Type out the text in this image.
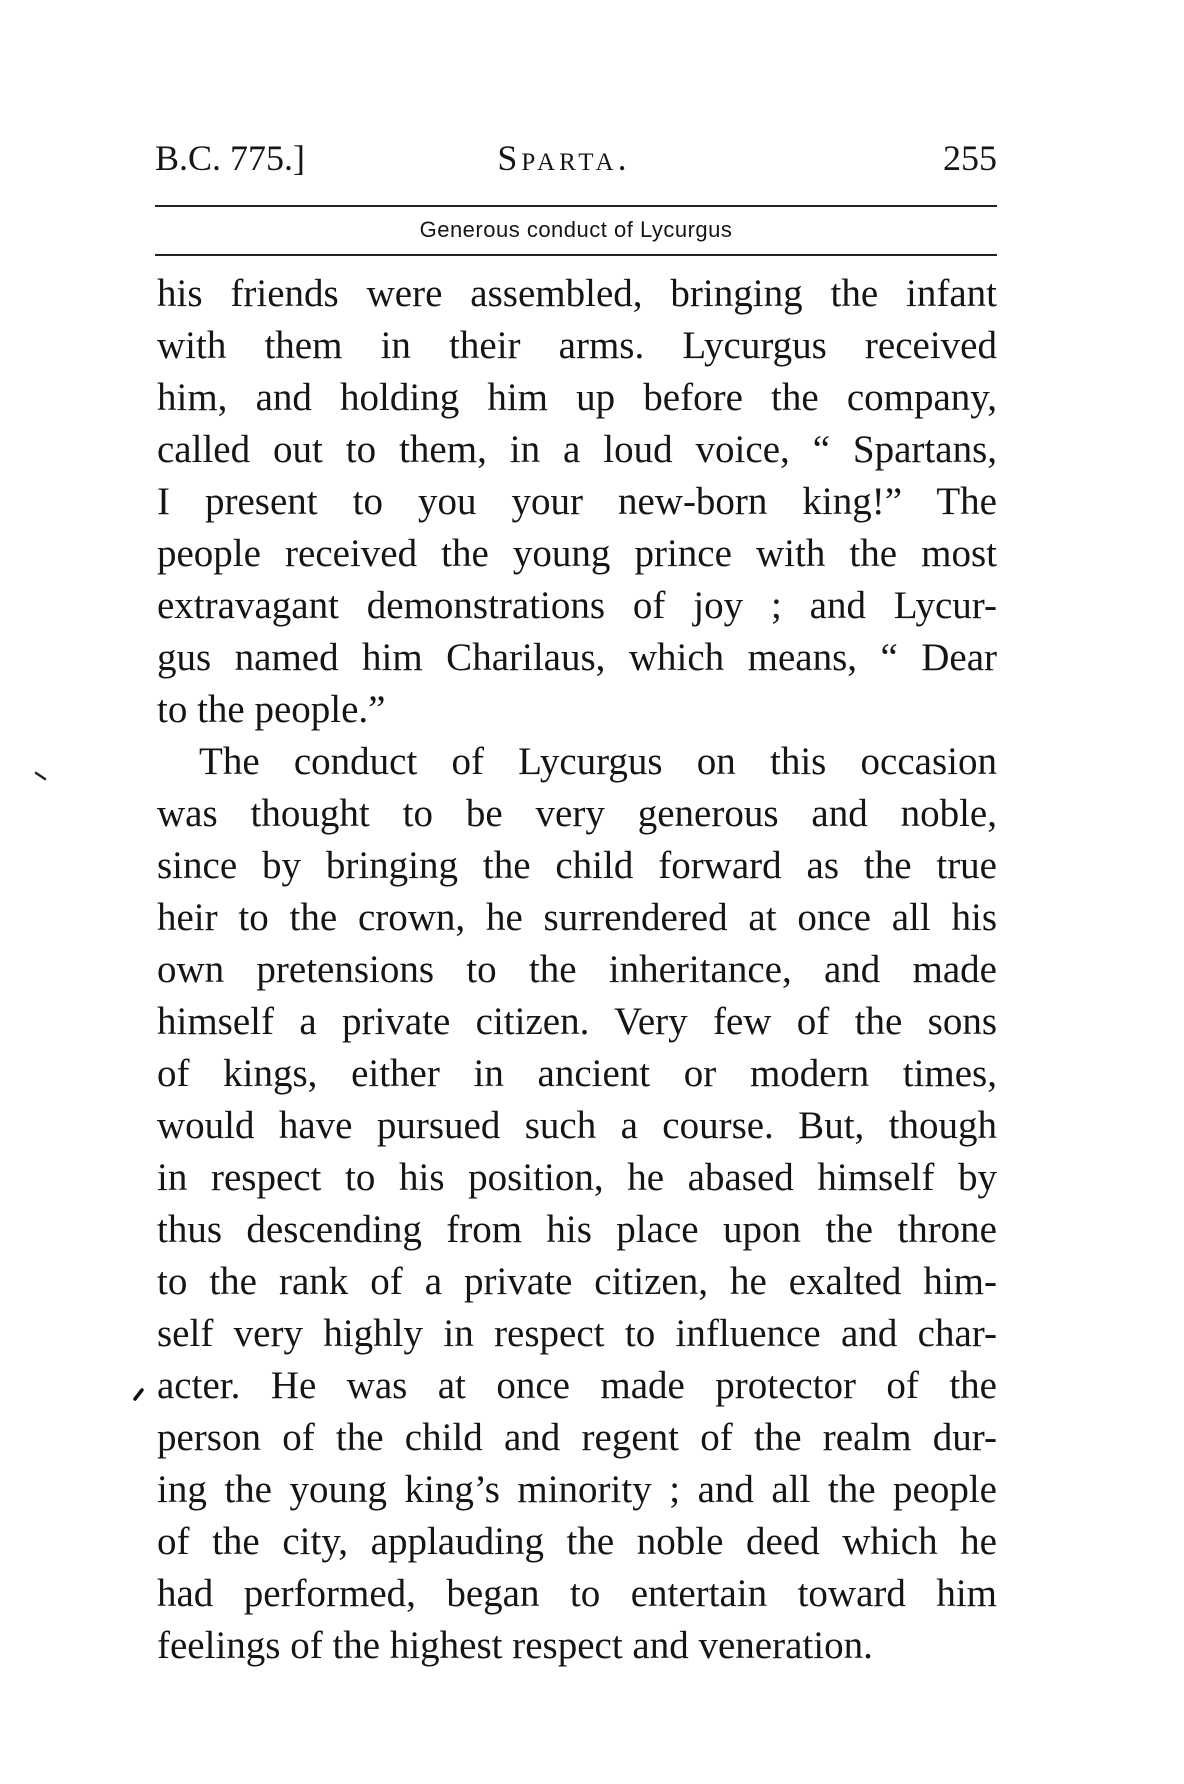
B.C. 775.]	Sparta.	255
Generous conduct of Lycurgus
his friends were assembled, bringing the infant
with them in their arms. Lycurgus received
him, and holding him up before the company,
called out to them, in a loud voice, “ Spartans,
I present to you your new-born king!” The
people received the young prince with the most
extravagant demonstrations of joy ; and Lycur-
gus named him Charilaus, which means, “ Dear
to the people.”
The conduct of Lycurgus on this occasion
was thought to be very generous and noble,
since by bringing the child forward as the true
heir to the crown, he surrendered at once all his
own pretensions to the inheritance, and made
himself a private citizen. Very few of the sons
of kings, either in ancient or modern times,
would have pursued such a course. But, though
in respect to his position, he abased himself by
thus descending from his place upon the throne
to the rank of a private citizen, he exalted him-
self very highly in respect to influence and char-
acter. He was at once made protector of the
person of the child and regent of the realm dur-
ing the young king’s minority ; and all the people
of the city, applauding the noble deed which he
had performed, began to entertain toward him
feelings of the highest respect and veneration.
